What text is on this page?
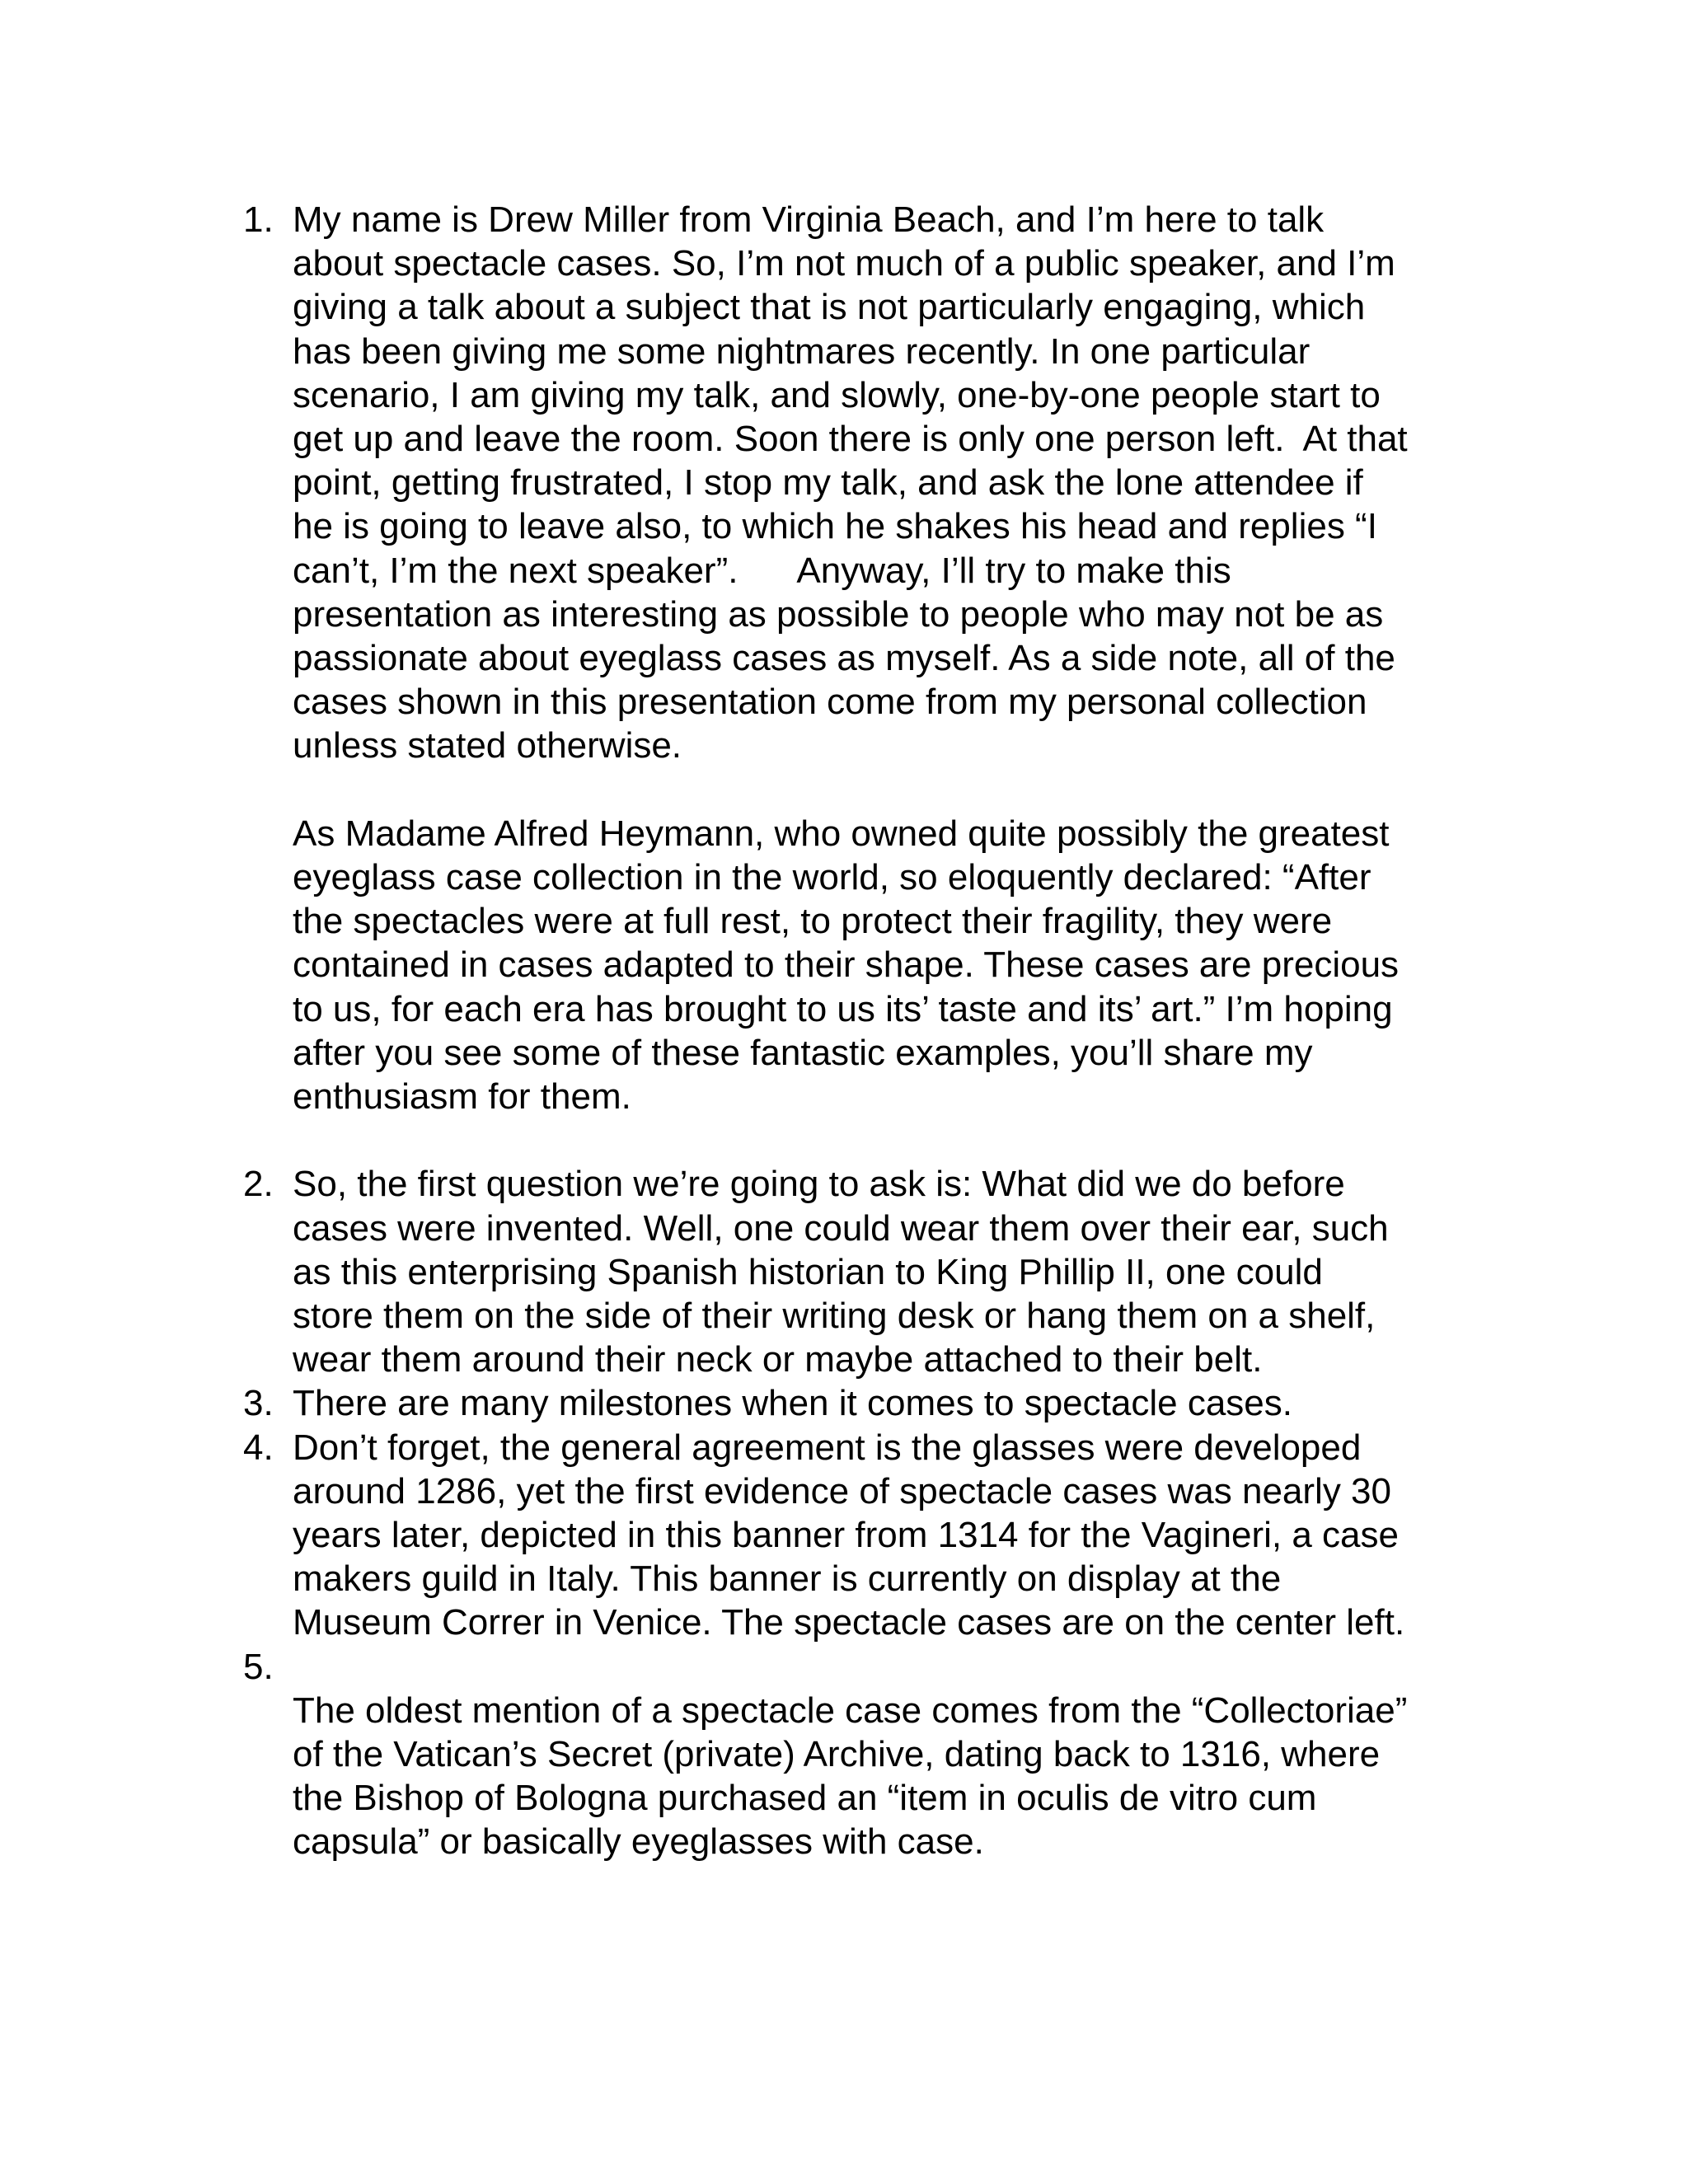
1. My name is Drew Miller from Virginia Beach, and I’m here to talk
about spectacle cases. So, I’m not much of a public speaker, and I’m
giving a talk about a subject that is not particularly engaging, which
has been giving me some nightmares recently. In one particular
scenario, I am giving my talk, and slowly, one-by-one people start to
get up and leave the room. Soon there is only one person left.  At that
point, getting frustrated, I stop my talk, and ask the lone attendee if
he is going to leave also, to which he shakes his head and replies “I
can’t, I’m the next speaker”.      Anyway, I’ll try to make this
presentation as interesting as possible to people who may not be as
passionate about eyeglass cases as myself. As a side note, all of the
cases shown in this presentation come from my personal collection
unless stated otherwise.

As Madame Alfred Heymann, who owned quite possibly the greatest
eyeglass case collection in the world, so eloquently declared: “After
the spectacles were at full rest, to protect their fragility, they were
contained in cases adapted to their shape. These cases are precious
to us, for each era has brought to us its’ taste and its’ art.” I’m hoping
after you see some of these fantastic examples, you’ll share my
enthusiasm for them.

2. So, the first question we’re going to ask is: What did we do before
cases were invented. Well, one could wear them over their ear, such
as this enterprising Spanish historian to King Phillip II, one could
store them on the side of their writing desk or hang them on a shelf,
wear them around their neck or maybe attached to their belt.

3. There are many milestones when it comes to spectacle cases.

4. Don’t forget, the general agreement is the glasses were developed
around 1286, yet the first evidence of spectacle cases was nearly 30
years later, depicted in this banner from 1314 for the Vagineri, a case
makers guild in Italy. This banner is currently on display at the
Museum Correr in Venice. The spectacle cases are on the center left.

5.

The oldest mention of a spectacle case comes from the “Collectoriae”
of the Vatican’s Secret (private) Archive, dating back to 1316, where
the Bishop of Bologna purchased an “item in oculis de vitro cum
capsula” or basically eyeglasses with case.
